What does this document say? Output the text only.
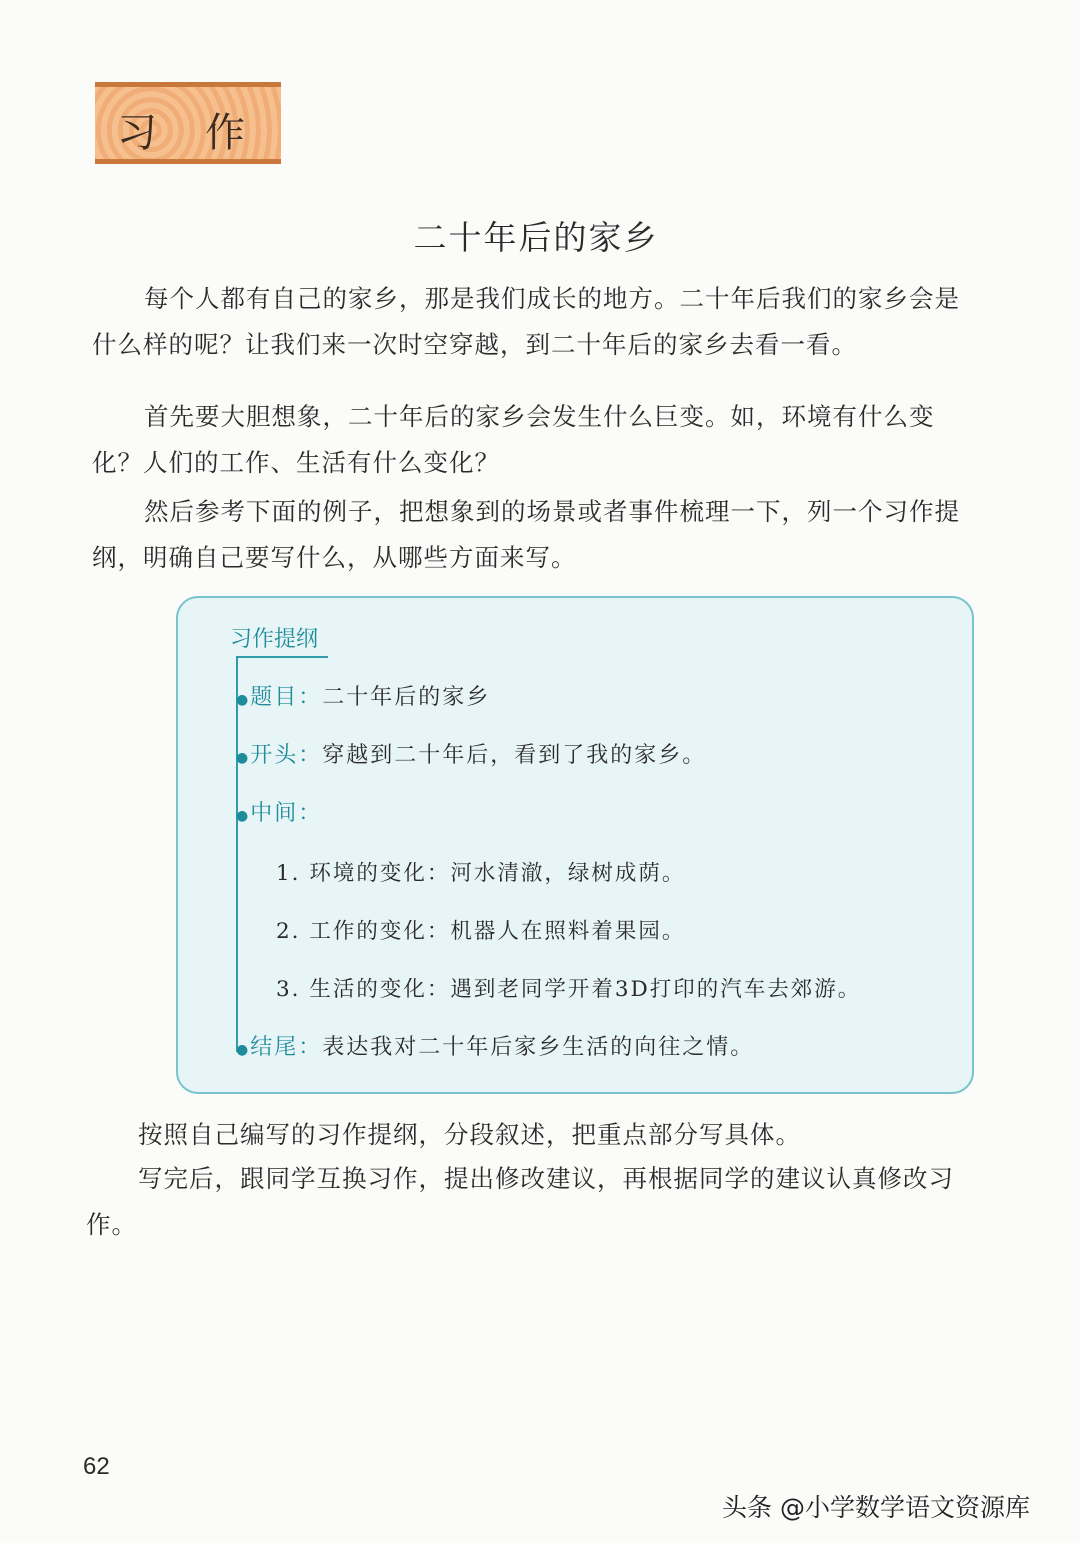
习 作
二十年后的家乡

每个人都有自己的家乡，那是我们成长的地方。二十年后我们的家乡会是什么样的呢？让我们来一次时空穿越，到二十年后的家乡去看一看。

首先要大胆想象，二十年后的家乡会发生什么巨变。如，环境有什么变化？人们的工作、生活有什么变化？

然后参考下面的例子，把想象到的场景或者事件梳理一下，列一个习作提纲，明确自己要写什么，从哪些方面来写。

习作提纲
●题目：二十年后的家乡
●开头：穿越到二十年后，看到了我的家乡。
●中间：
1. 环境的变化：河水清澈，绿树成荫。
2. 工作的变化：机器人在照料着果园。
3. 生活的变化：遇到老同学开着3D打印的汽车去郊游。
●结尾：表达我对二十年后家乡生活的向往之情。

按照自己编写的习作提纲，分段叙述，把重点部分写具体。

写完后，跟同学互换习作，提出修改建议，再根据同学的建议认真修改习作。

62
头条 @小学数学语文资源库
